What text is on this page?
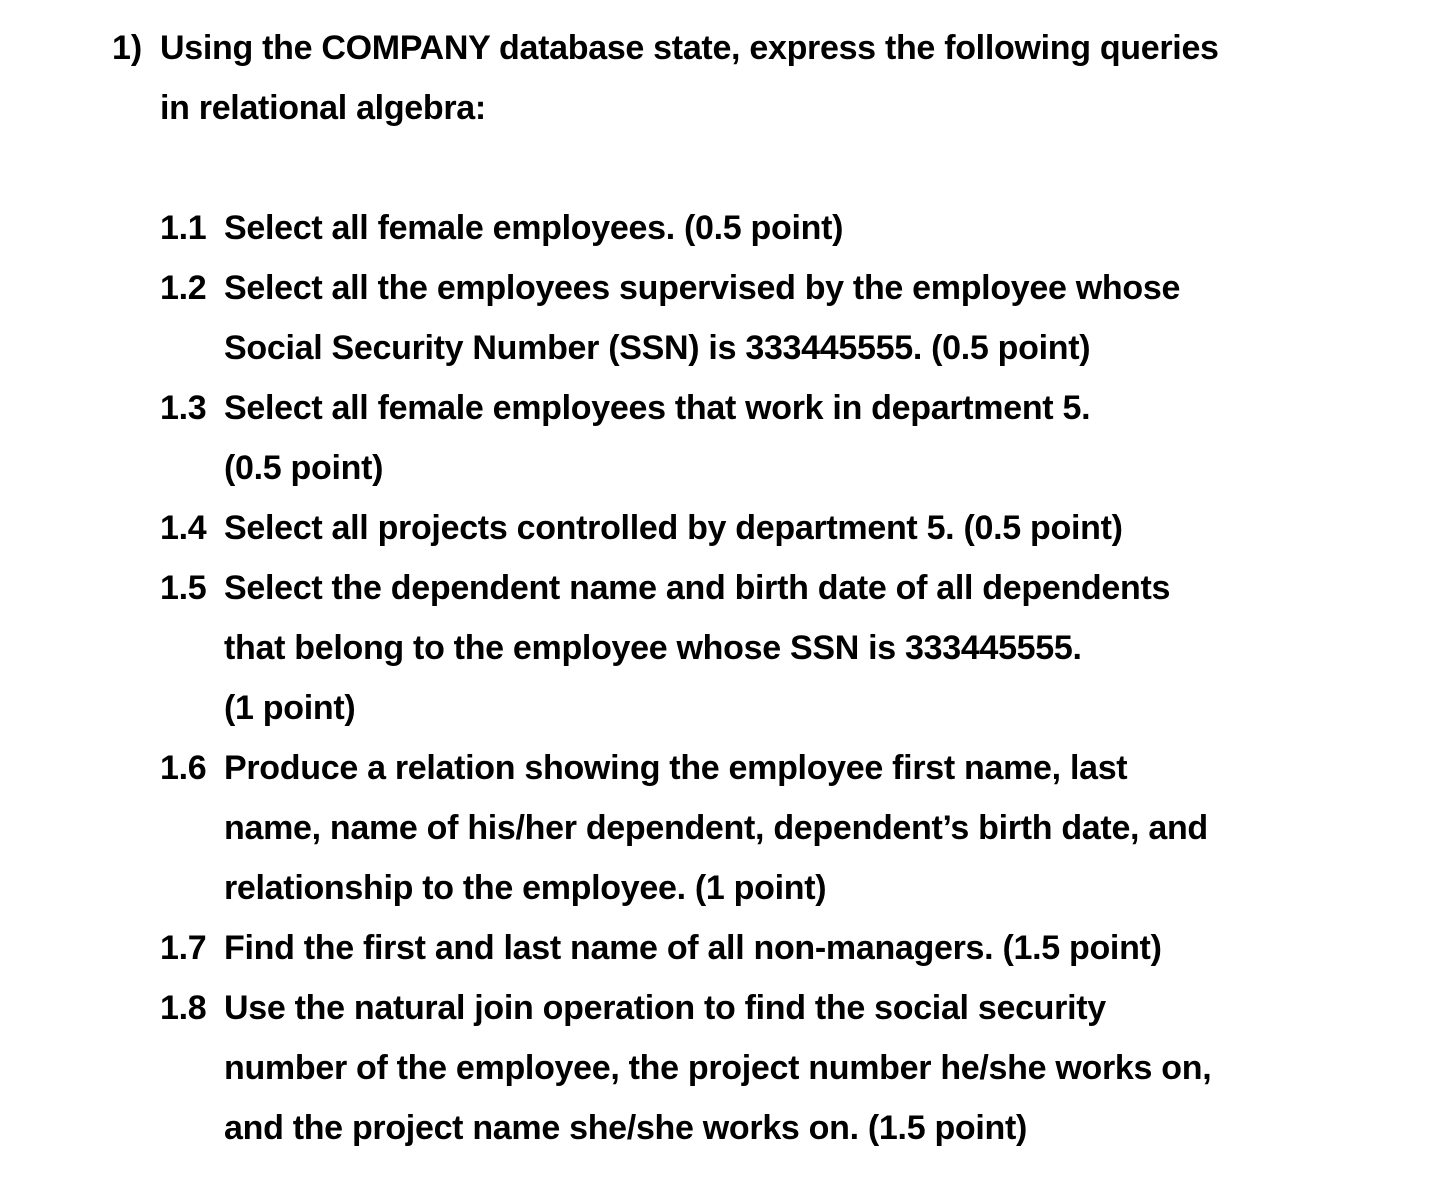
1) Using the COMPANY database state, express the following queries
in relational algebra:
1.1 Select all female employees. (0.5 point)
1.2 Select all the employees supervised by the employee whose
Social Security Number (SSN) is 333445555. (0.5 point)
1.3 Select all female employees that work in department 5.
(0.5 point)
1.4 Select all projects controlled by department 5. (0.5 point)
1.5 Select the dependent name and birth date of all dependents
that belong to the employee whose SSN is 333445555.
(1 point)
1.6 Produce a relation showing the employee first name, last
name, name of his/her dependent, dependent’s birth date, and
relationship to the employee. (1 point)
1.7 Find the first and last name of all non-managers. (1.5 point)
1.8 Use the natural join operation to find the social security
number of the employee, the project number he/she works on,
and the project name she/she works on. (1.5 point)
